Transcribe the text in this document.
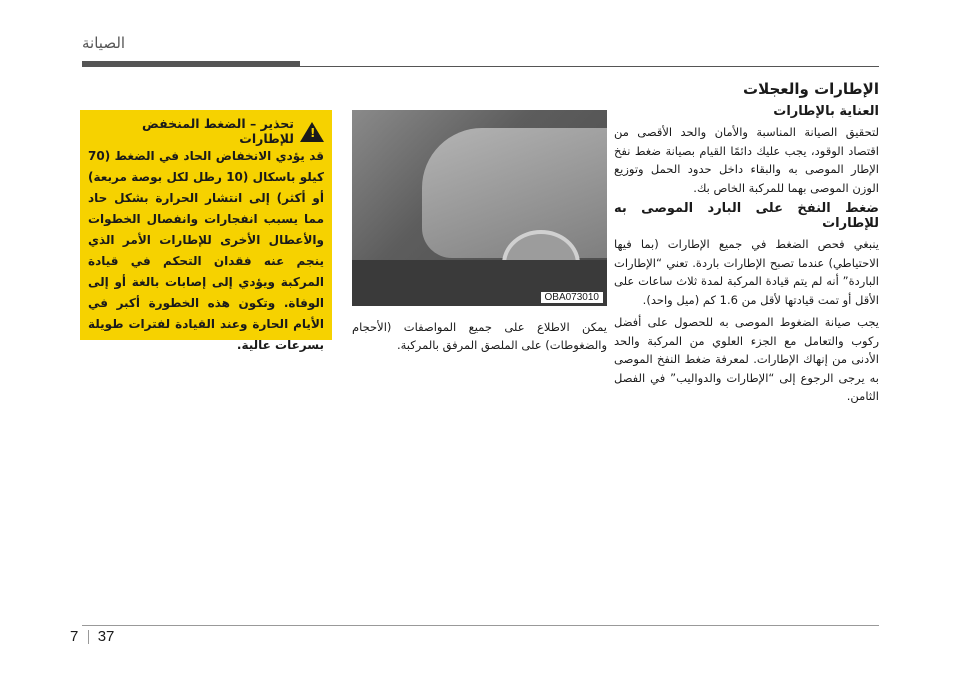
الصيانة
الإطارات والعجلات
العناية بالإطارات

لتحقيق الصيانة المناسبة والأمان والحد الأقصى من اقتصاد الوقود، يجب عليك دائمًا القيام بصيانة ضغط نفخ الإطار الموصى به والبقاء داخل حدود الحمل وتوزيع الوزن الموصى بهما للمركبة الخاص بك.

ضغط النفخ على البارد الموصى به للإطارات

ينبغي فحص الضغط في جميع الإطارات (بما فيها الاحتياطي) عندما تصبح الإطارات باردة. تعني “الإطارات الباردة” أنه لم يتم قيادة المركبة لمدة ثلاث ساعات على الأقل أو تمت قيادتها لأقل من 1.6 كم (ميل واحد).

يجب صيانة الضغوط الموصى به للحصول على أفضل ركوب والتعامل مع الجزء العلوي من المركبة والحد الأدنى من إنهاك الإطارات. لمعرفة ضغط النفخ الموصى به يرجى الرجوع إلى “الإطارات والدواليب” في الفصل الثامن.

OBA073010
يمكن الاطلاع على جميع المواصفات (الأحجام والضغوطات) على الملصق المرفق بالمركبة.
!
تحذير – الضغط المنخفض للإطارات
قد يؤدي الانخفاض الحاد في الضغط (70 كيلو باسكال (10 رطل لكل بوصة مربعة) أو أكثر) إلى انتشار الحرارة بشكل حاد مما يسبب انفجارات وانفصال الخطوات والأعطال الأخرى للإطارات الأمر الذي ينجم عنه فقدان التحكم في قيادة المركبة ويؤدي إلى إصابات بالغة أو إلى الوفاة. وتكون هذه الخطورة أكبر في الأيام الحارة وعند القيادة لفترات طويلة بسرعات عالية.
7 37
